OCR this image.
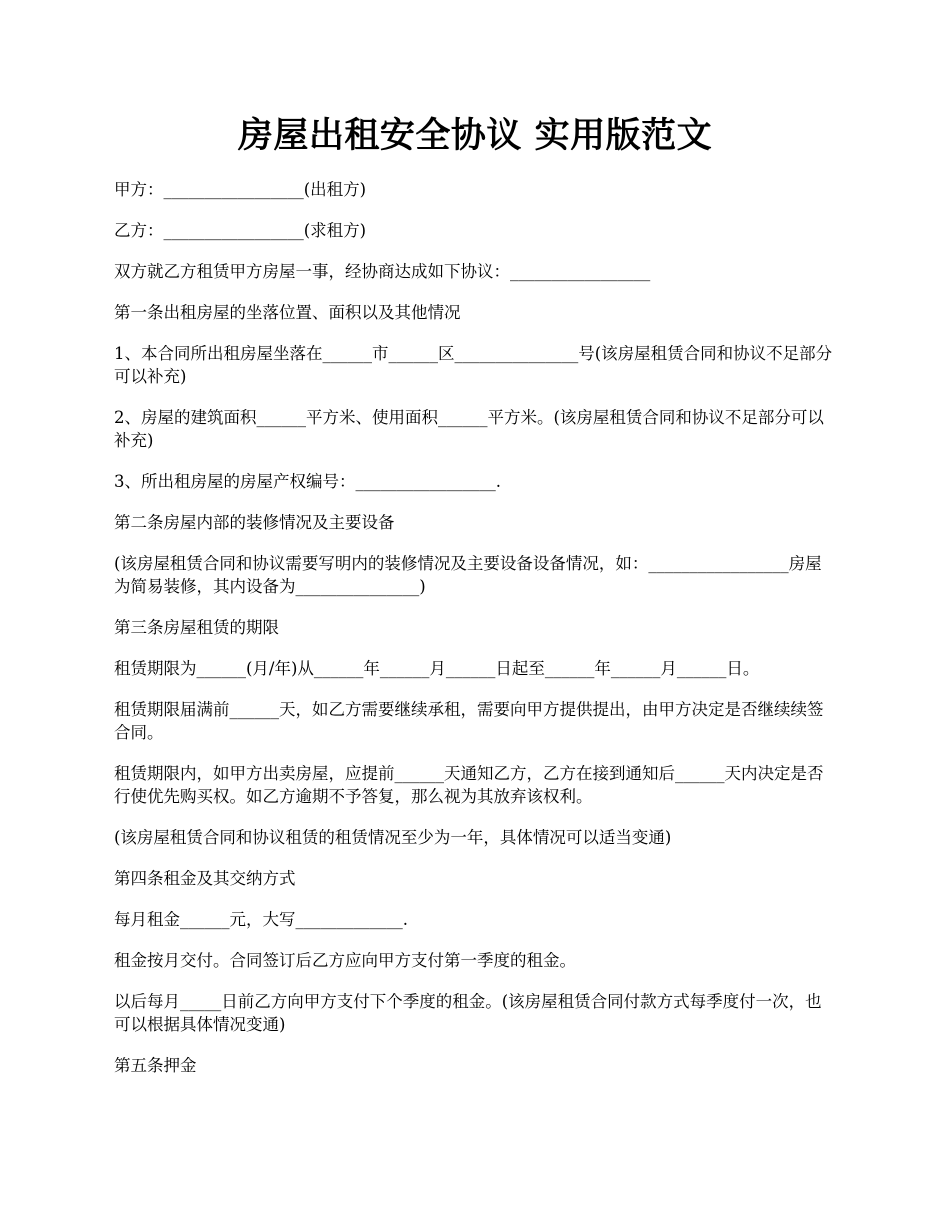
房屋出租安全协议 实用版范文

甲方：_________________(出租方)

乙方：_________________(求租方)

双方就乙方租赁甲方房屋一事，经协商达成如下协议：_________________

第一条出租房屋的坐落位置、面积以及其他情况

1、本合同所出租房屋坐落在______市______区_______________号(该房屋租赁合同和协议不足部分可以补充)

2、房屋的建筑面积______平方米、使用面积______平方米。(该房屋租赁合同和协议不足部分可以补充)

3、所出租房屋的房屋产权编号：_________________.

第二条房屋内部的装修情况及主要设备

(该房屋租赁合同和协议需要写明内的装修情况及主要设备设备情况，如：_________________房屋为简易装修，其内设备为_______________)

第三条房屋租赁的期限

租赁期限为______(月/年)从______年______月______日起至______年______月______日。

租赁期限届满前______天，如乙方需要继续承租，需要向甲方提供提出，由甲方决定是否继续续签合同。

租赁期限内，如甲方出卖房屋，应提前______天通知乙方，乙方在接到通知后______天内决定是否行使优先购买权。如乙方逾期不予答复，那么视为其放弃该权利。

(该房屋租赁合同和协议租赁的租赁情况至少为一年，具体情况可以适当变通)

第四条租金及其交纳方式

每月租金______元，大写_____________.

租金按月交付。合同签订后乙方应向甲方支付第一季度的租金。

以后每月_____日前乙方向甲方支付下个季度的租金。(该房屋租赁合同付款方式每季度付一次，也可以根据具体情况变通)

第五条押金
